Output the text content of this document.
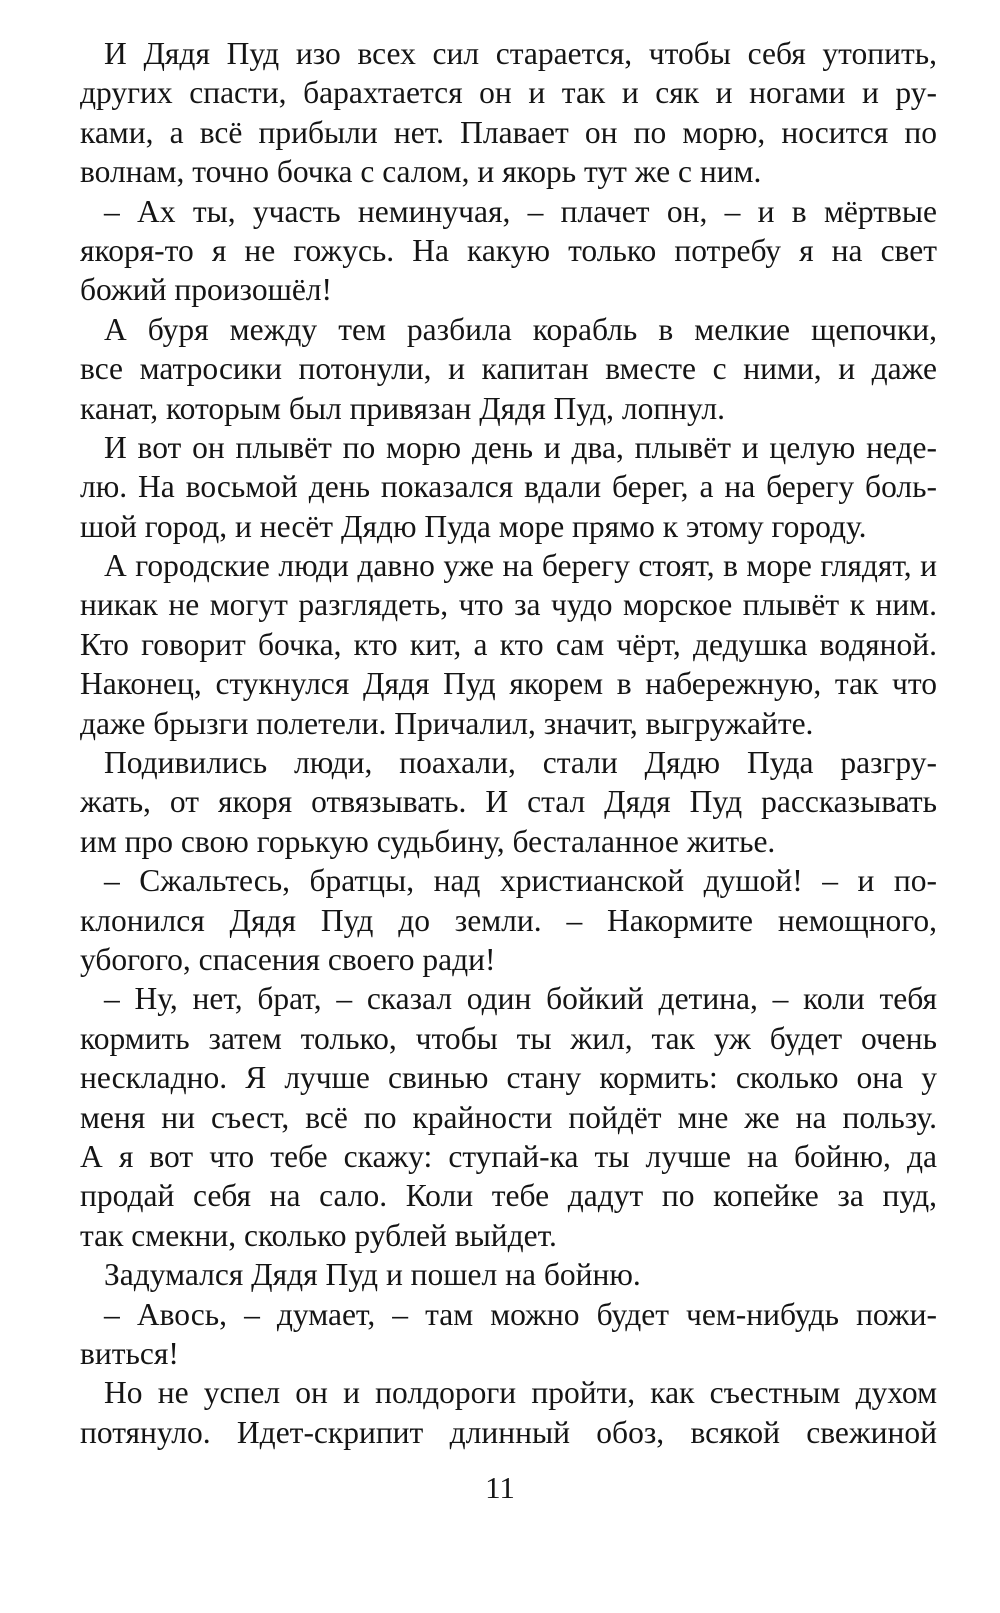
И Дядя Пуд изо всех сил старается, чтобы себя утопить,
других спасти, барахтается он и так и сяк и ногами и ру-
ками, а всё прибыли нет. Плавает он по морю, носится по
волнам, точно бочка с салом, и якорь тут же с ним.
– Ах ты, участь неминучая, – плачет он, – и в мёртвые
якоря-то я не гожусь. На какую только потребу я на свет
божий произошёл!
А буря между тем разбила корабль в мелкие щепочки,
все матросики потонули, и капитан вместе с ними, и даже
канат, которым был привязан Дядя Пуд, лопнул.
И вот он плывёт по морю день и два, плывёт и целую неде-
лю. На восьмой день показался вдали берег, а на берегу боль-
шой город, и несёт Дядю Пуда море прямо к этому городу.
А городские люди давно уже на берегу стоят, в море глядят, и
никак не могут разглядеть, что за чудо морское плывёт к ним.
Кто говорит бочка, кто кит, а кто сам чёрт, дедушка водяной.
Наконец, стукнулся Дядя Пуд якорем в набережную, так что
даже брызги полетели. Причалил, значит, выгружайте.
Подивились люди, поахали, стали Дядю Пуда разгру-
жать, от якоря отвязывать. И стал Дядя Пуд рассказывать
им про свою горькую судьбину, бесталанное житье.
– Сжальтесь, братцы, над христианской душой! – и по-
клонился Дядя Пуд до земли. – Накормите немощного,
убогого, спасения своего ради!
– Ну, нет, брат, – сказал один бойкий детина, – коли тебя
кормить затем только, чтобы ты жил, так уж будет очень
нескладно. Я лучше свинью стану кормить: сколько она у
меня ни съест, всё по крайности пойдёт мне же на пользу.
А я вот что тебе скажу: ступай-ка ты лучше на бойню, да
продай себя на сало. Коли тебе дадут по копейке за пуд,
так смекни, сколько рублей выйдет.
Задумался Дядя Пуд и пошел на бойню.
– Авось, – думает, – там можно будет чем-нибудь пожи-
виться!
Но не успел он и полдороги пройти, как съестным духом
потянуло. Идет-скрипит длинный обоз, всякой свежиной
11
